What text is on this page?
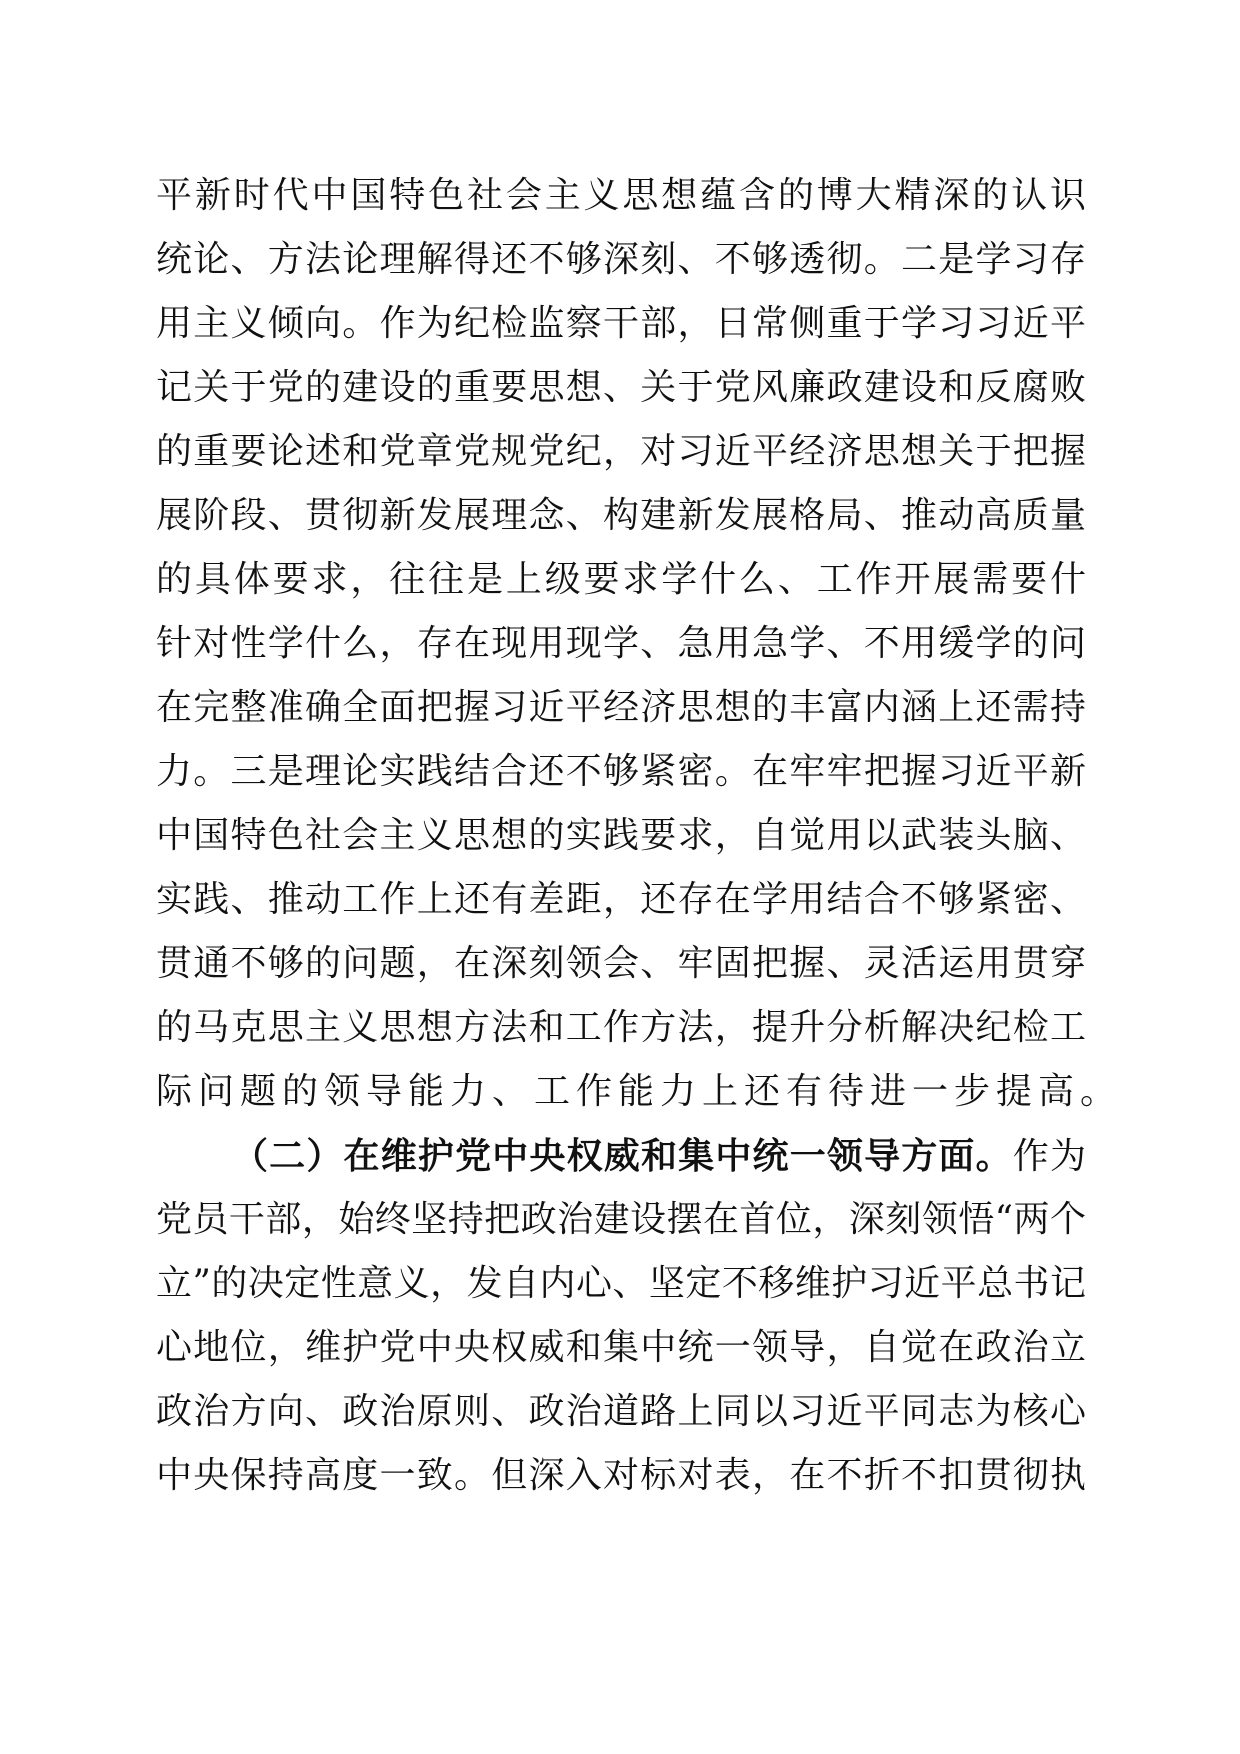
平新时代中国特色社会主义思想蕴含的博大精深的认识
统论、方法论理解得还不够深刻、不够透彻。二是学习存
用主义倾向。作为纪检监察干部，日常侧重于学习习近平
记关于党的建设的重要思想、关于党风廉政建设和反腐败
的重要论述和党章党规党纪，对习近平经济思想关于把握
展阶段、贯彻新发展理念、构建新发展格局、推动高质量
的具体要求，往往是上级要求学什么、工作开展需要什
针对性学什么，存在现用现学、急用急学、不用缓学的问
在完整准确全面把握习近平经济思想的丰富内涵上还需持
力。三是理论实践结合还不够紧密。在牢牢把握习近平新
中国特色社会主义思想的实践要求，自觉用以武装头脑、
实践、推动工作上还有差距，还存在学用结合不够紧密、
贯通不够的问题，在深刻领会、牢固把握、灵活运用贯穿
的马克思主义思想方法和工作方法，提升分析解决纪检工
际问题的领导能力、工作能力上还有待进一步提高。
（二）在维护党中央权威和集中统一领导方面。作为
党员干部，始终坚持把政治建设摆在首位，深刻领悟“两个
立”的决定性意义，发自内心、坚定不移维护习近平总书记
心地位，维护党中央权威和集中统一领导，自觉在政治立
政治方向、政治原则、政治道路上同以习近平同志为核心
中央保持高度一致。但深入对标对表，在不折不扣贯彻执
